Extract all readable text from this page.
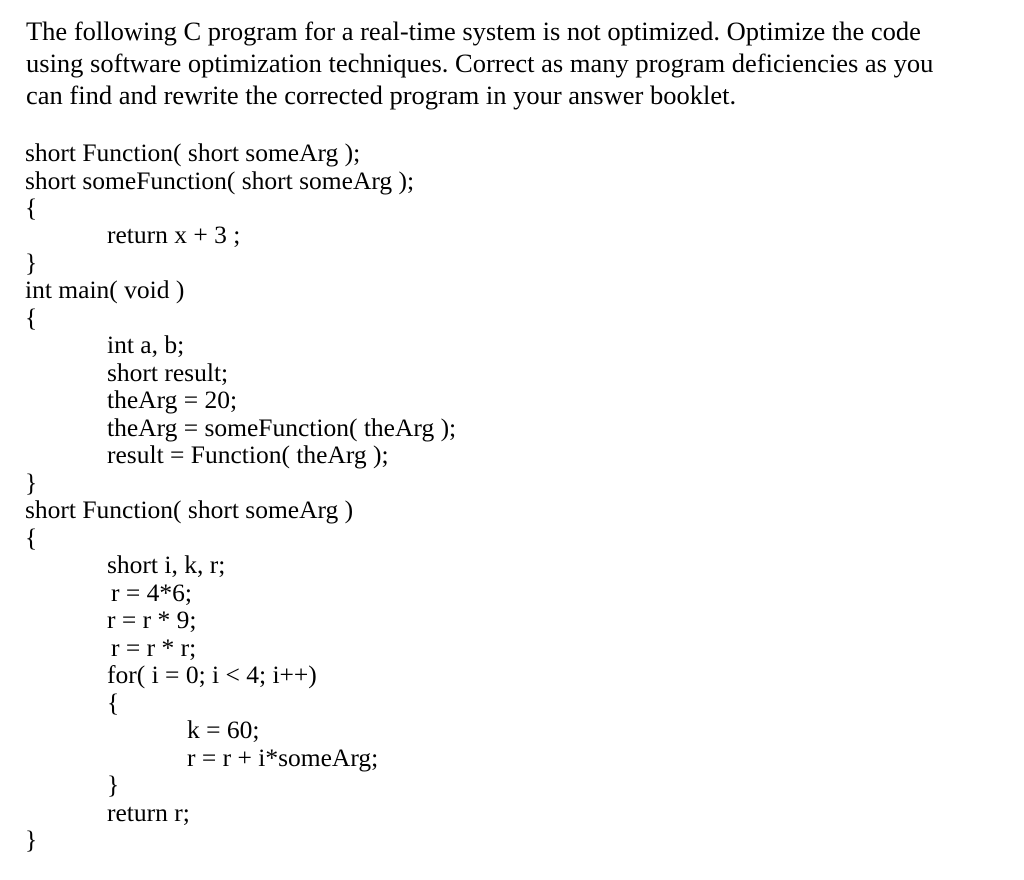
The following C program for a real-time system is not optimized. Optimize the code
using software optimization techniques. Correct as many program deficiencies as you
can find and rewrite the corrected program in your answer booklet.
short Function( short someArg );
short someFunction( short someArg );
{
return x + 3 ;
}
int main( void )
{
int a, b;
short result;
theArg = 20;
theArg = someFunction( theArg );
result = Function( theArg );
}
short Function( short someArg )
{
short i, k, r;
r = 4*6;
r = r * 9;
r = r * r;
for( i = 0; i < 4; i++)
{
k = 60;
r = r + i*someArg;
}
return r;
}
